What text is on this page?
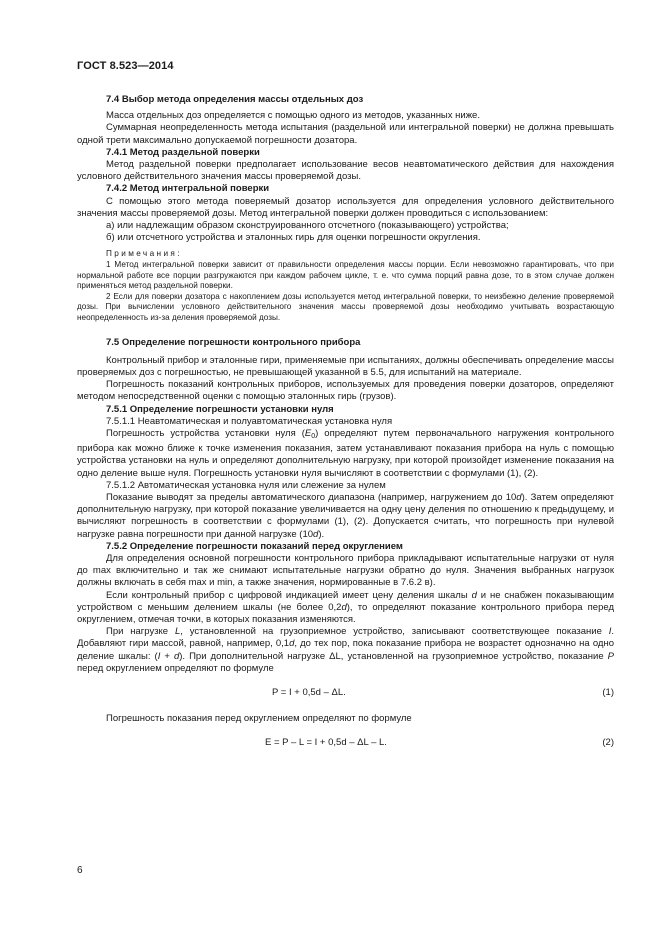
ГОСТ 8.523—2014
7.4 Выбор метода определения массы отдельных доз

Масса отдельных доз определяется с помощью одного из методов, указанных ниже.

Суммарная неопределенность метода испытания (раздельной или интегральной поверки) не должна превышать одной трети максимально допускаемой погрешности дозатора.

7.4.1 Метод раздельной поверки

Метод раздельной поверки предполагает использование весов неавтоматического действия для нахождения условного действительного значения массы проверяемой дозы.

7.4.2 Метод интегральной поверки

С помощью этого метода поверяемый дозатор используется для определения условного действительного значения массы проверяемой дозы. Метод интегральной поверки должен проводиться с использованием:

а) или надлежащим образом сконструированного отсчетного (показывающего) устройства;

б) или отсчетного устройства и эталонных гирь для оценки погрешности округления.

Примечания:

1 Метод интегральной поверки зависит от правильности определения массы порции. Если невозможно гарантировать, что при нормальной работе все порции разгружаются при каждом рабочем цикле, т. е. что сумма порций равна дозе, то в этом случае должен применяться метод раздельной поверки.

2 Если для поверки дозатора с накоплением дозы используется метод интегральной поверки, то неизбежно деление проверяемой дозы. При вычислении условного действительного значения массы проверяемой дозы необходимо учитывать возрастающую неопределенность из-за деления проверяемой дозы.

7.5 Определение погрешности контрольного прибора

Контрольный прибор и эталонные гири, применяемые при испытаниях, должны обеспечивать определение массы проверяемых доз с погрешностью, не превышающей указанной в 5.5, для испытаний на материале.

Погрешность показаний контрольных приборов, используемых для проведения поверки дозаторов, определяют методом непосредственной оценки с помощью эталонных гирь (грузов).

7.5.1 Определение погрешности установки нуля

7.5.1.1 Неавтоматическая и полуавтоматическая установка нуля

Погрешность устройства установки нуля $(E_0)$ определяют путем первоначального нагружения контрольного прибора как можно ближе к точке изменения показания, затем устанавливают показания прибора на нуль с помощью устройства установки на нуль и определяют дополнительную нагрузку, при которой произойдет изменение показания на одно деление выше нуля. Погрешность установки нуля вычисляют в соответствии с формулами (1), (2).

7.5.1.2 Автоматическая установка нуля или слежение за нулем

Показание выводят за пределы автоматического диапазона (например, нагружением до 10d). Затем определяют дополнительную нагрузку, при которой показание увеличивается на одну цену деления по отношению к предыдущему, и вычисляют погрешность в соответствии с формулами (1), (2). Допускается считать, что погрешность при нулевой нагрузке равна погрешности при данной нагрузке (10d).

7.5.2 Определение погрешности показаний перед округлением

Для определения основной погрешности контрольного прибора прикладывают испытательные нагрузки от нуля до max включительно и так же снимают испытательные нагрузки обратно до нуля. Значения выбранных нагрузок должны включать в себя max и min, а также значения, нормированные в 7.6.2 в).

Если контрольный прибор с цифровой индикацией имеет цену деления шкалы d и не снабжен показывающим устройством с меньшим делением шкалы (не более 0,2d), то определяют показание контрольного прибора перед округлением, отмечая точки, в которых показания изменяются.

При нагрузке L, установленной на грузоприемное устройство, записывают соответствующее показание I. Добавляют гири массой, равной, например, 0,1d, до тех пор, пока показание прибора не возрастет однозначно на одно деление шкалы: (I + d). При дополнительной нагрузке ΔL, установленной на грузоприемное устройство, показание P перед округлением определяют по формуле

P = I + 0,5d – ΔL.	(1)

Погрешность показания перед округлением определяют по формуле

E = P – L = I + 0,5d – ΔL – L.	(2)
6
